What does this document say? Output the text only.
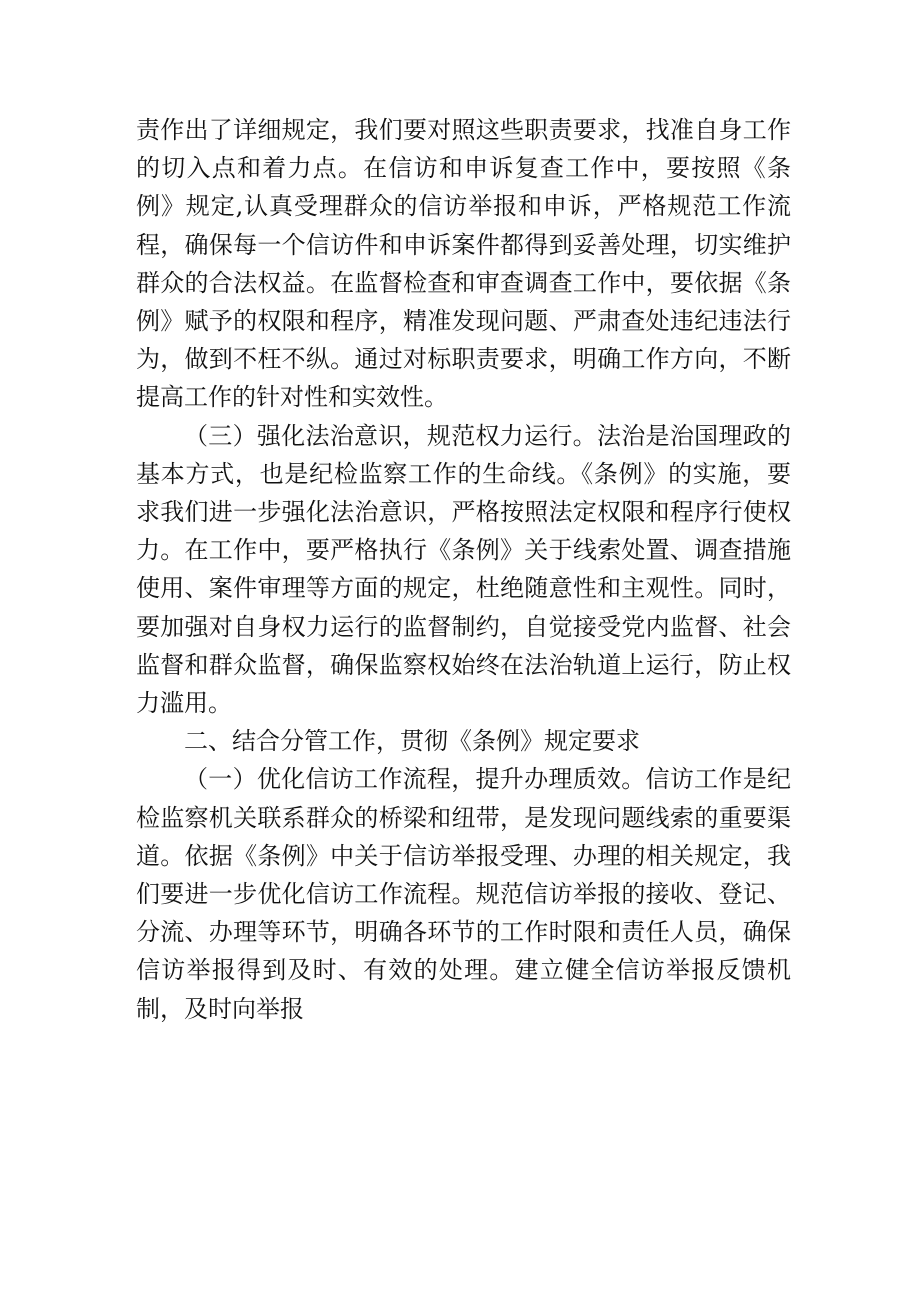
责作出了详细规定，我们要对照这些职责要求，找准自身工作的切入点和着力点。在信访和申诉复查工作中，要按照《条例》规定,认真受理群众的信访举报和申诉，严格规范工作流程，确保每一个信访件和申诉案件都得到妥善处理，切实维护群众的合法权益。在监督检查和审查调查工作中，要依据《条例》赋予的权限和程序，精准发现问题、严肃查处违纪违法行为，做到不枉不纵。通过对标职责要求，明确工作方向，不断提高工作的针对性和实效性。

（三）强化法治意识，规范权力运行。法治是治国理政的基本方式，也是纪检监察工作的生命线。《条例》的实施，要求我们进一步强化法治意识，严格按照法定权限和程序行使权力。在工作中，要严格执行《条例》关于线索处置、调查措施使用、案件审理等方面的规定，杜绝随意性和主观性。同时，要加强对自身权力运行的监督制约，自觉接受党内监督、社会监督和群众监督，确保监察权始终在法治轨道上运行，防止权力滥用。

二、结合分管工作，贯彻《条例》规定要求

（一）优化信访工作流程，提升办理质效。信访工作是纪检监察机关联系群众的桥梁和纽带，是发现问题线索的重要渠道。依据《条例》中关于信访举报受理、办理的相关规定，我们要进一步优化信访工作流程。规范信访举报的接收、登记、分流、办理等环节，明确各环节的工作时限和责任人员，确保信访举报得到及时、有效的处理。建立健全信访举报反馈机制，及时向举报
